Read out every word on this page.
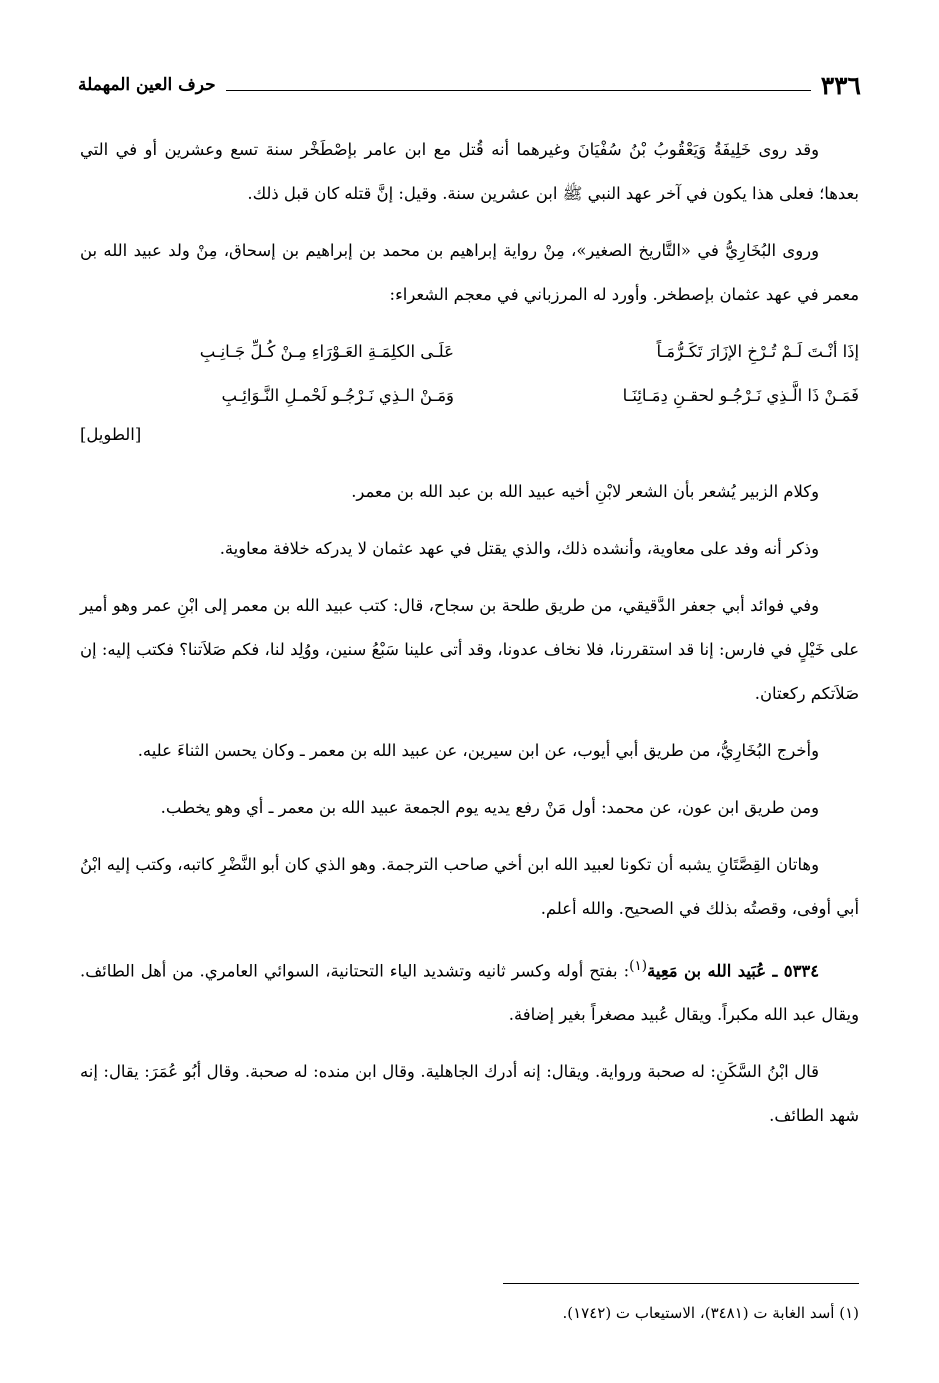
٣٣٦
حرف العين المهملة

وقد روى خَلِيفَةُ وَيَعْقُوبُ بْنُ سُفْيَانَ وغيرهما أنه قُتل مع ابن عامر بإصْطَخْر سنة تسع وعشرين أو في التي بعدها؛ فعلى هذا يكون في آخر عهد النبي ﷺ ابن عشرين سنة. وقيل: إنَّ قتله كان قبل ذلك.

وروى البُخَارِيُّ في «التَّاريخ الصغير»، مِنْ رواية إبراهيم بن محمد بن إبراهيم بن إسحاق، مِنْ ولد عبيد الله بن معمر في عهد عثمان بإصطخر. وأورد له المرزباني في معجم الشعراء:

إذَا أنْـتَ لَـمْ تُـرْخِ الإزَارَ تَكَـرُّمَـاً
عَلَـى الكلِمَـةِ العَـوْرَاءِ مِـنْ كُـلِّ جَـانِـبِ
فَمَـنْ ذَا الَّـذِي نَـرْجُـو لحقـنِ دِمَـائِنَـا
وَمَـنْ الـذِي نَـرْجُـو لَحْمـلِ النَّـوَائِـبِ
[الطويل]

وكلام الزبير يُشعر بأن الشعر لابْنِ أخيه عبيد الله بن عبد الله بن معمر.

وذكر أنه وفد على معاوية، وأنشده ذلك، والذي يقتل في عهد عثمان لا يدركه خلافة معاوية.

وفي فوائد أبي جعفر الدَّقيقي، من طريق طلحة بن سجاح، قال: كتب عبيد الله بن معمر إلى ابْنِ عمر وهو أمير على خَيْلٍ في فارس: إنا قد استقررنا، فلا نخاف عدونا، وقد أتى علينا سَبْعُ سنين، ووُلِد لنا، فكم صَلاَتنا؟ فكتب إليه: إن صَلاَتكم ركعتان.

وأخرج البُخَارِيُّ، من طريق أبي أيوب، عن ابن سيرين، عن عبيد الله بن معمر ـ وكان يحسن الثناءَ عليه.

ومن طريق ابن عون، عن محمد: أول مَنْ رفع يديه يوم الجمعة عبيد الله بن معمر ـ أي وهو يخطب.

وهاتان القِصَّتَانِ يشبه أن تكونا لعبيد الله ابن أخي صاحب الترجمة. وهو الذي كان أبو النَّضْرِ كاتبه، وكتب إليه ابْنُ أبي أوفى، وقصتُه بذلك في الصحيح. والله أعلم.

٥٣٣٤ ـ عُبَيد الله بن مَعِية$^{(١)}$: بفتح أوله وكسر ثانيه وتشديد الياء التحتانية، السوائي العامري. من أهل الطائف. ويقال عبد الله مكبراً. ويقال عُبيد مصغراً بغير إضافة.

قال ابْنُ السَّكَنِ: له صحبة ورواية. ويقال: إنه أدرك الجاهلية. وقال ابن منده: له صحبة. وقال أبُو عُمَرَ: يقال: إنه شهد الطائف.

(١) أسد الغابة ت (٣٤٨١)، الاستيعاب ت (١٧٤٢).
